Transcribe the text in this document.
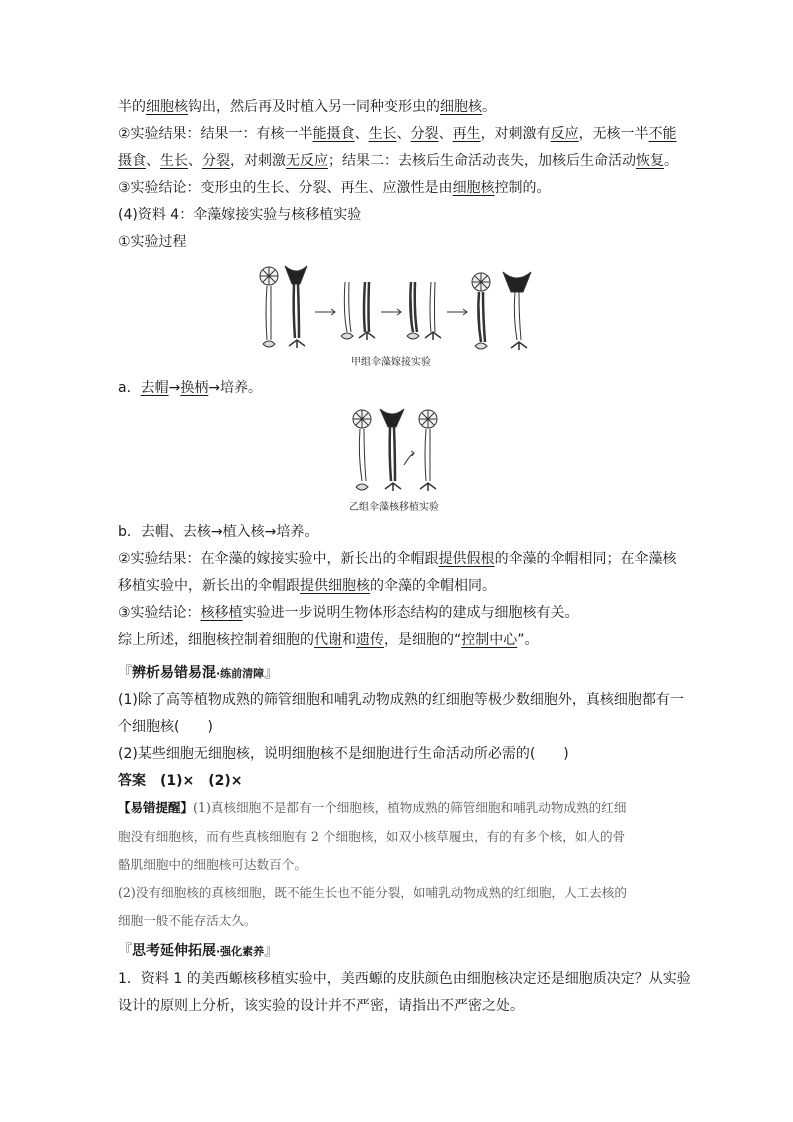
半的细胞核钩出，然后再及时植入另一同种变形虫的细胞核。
②实验结果：结果一：有核一半能摄食、生长、分裂、再生，对刺激有反应，无核一半不能
摄食、生长、分裂，对刺激无反应；结果二：去核后生命活动丧失，加核后生命活动恢复。
③实验结论：变形虫的生长、分裂、再生、应激性是由细胞核控制的。
(4)资料 4：伞藻嫁接实验与核移植实验
①实验过程
甲组伞藻嫁接实验
a．去帽→换柄→培养。
乙组伞藻核移植实验
b．去帽、去核→植入核→培养。
②实验结果：在伞藻的嫁接实验中，新长出的伞帽跟提供假根的伞藻的伞帽相同；在伞藻核
移植实验中，新长出的伞帽跟提供细胞核的伞藻的伞帽相同。
③实验结论：核移植实验进一步说明生物体形态结构的建成与细胞核有关。
综上所述，细胞核控制着细胞的代谢和遗传，是细胞的“控制中心”。
『辨析易错易混·练前清障』
(1)除了高等植物成熟的筛管细胞和哺乳动物成熟的红细胞等极少数细胞外，真核细胞都有一
个细胞核(　　)
(2)某些细胞无细胞核，说明细胞核不是细胞进行生命活动所必需的(　　)
答案　(1)×　(2)×
【易错提醒】(1)真核细胞不是都有一个细胞核，植物成熟的筛管细胞和哺乳动物成熟的红细
胞没有细胞核，而有些真核细胞有 2 个细胞核，如双小核草履虫，有的有多个核，如人的骨
骼肌细胞中的细胞核可达数百个。
(2)没有细胞核的真核细胞，既不能生长也不能分裂，如哺乳动物成熟的红细胞，人工去核的
细胞一般不能存活太久。
『思考延伸拓展·强化素养』
1．资料 1 的美西螈核移植实验中，美西螈的皮肤颜色由细胞核决定还是细胞质决定？从实验
设计的原则上分析，该实验的设计并不严密，请指出不严密之处。
